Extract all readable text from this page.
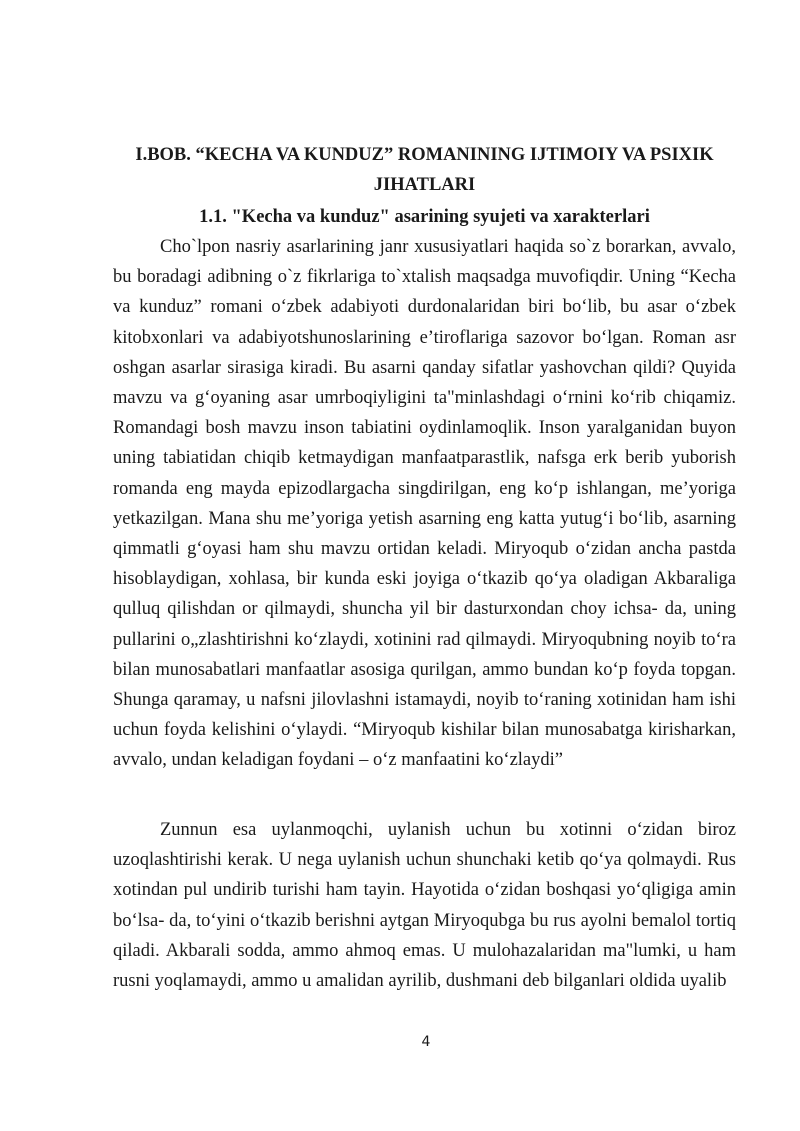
I.BOB. “KECHA VA KUNDUZ” ROMANINING IJTIMOIY VA PSIXIK JIHATLARI
1.1. "Kecha va kunduz" asarining syujeti va xarakterlari

Cho`lpon nasriy asarlarining janr xususiyatlari haqida so`z borarkan, avvalo, bu boradagi adibning o`z fikrlariga to`xtalish maqsadga muvofiqdir. Uning “Kecha va kunduz” romani o‘zbek adabiyoti durdonalaridan biri bo‘lib, bu asar o‘zbek kitobxonlari va adabiyotshunoslarining e’tiroflariga sazovor bo‘lgan. Roman asr oshgan asarlar sirasiga kiradi. Bu asarni qanday sifatlar yashovchan qildi? Quyida mavzu va g‘oyaning asar umrboqiyligini ta"minlashdagi o‘rnini ko‘rib chiqamiz. Romandagi bosh mavzu inson tabiatini oydinlamoqlik. Inson yaralganidan buyon uning tabiatidan chiqib ketmaydigan manfaatparastlik, nafsga erk berib yuborish romanda eng mayda epizodlargacha singdirilgan, eng ko‘p ishlangan, me’yoriga yetkazilgan. Mana shu me’yoriga yetish asarning eng katta yutug‘i bo‘lib, asarning qimmatli g‘oyasi ham shu mavzu ortidan keladi. Miryoqub o‘zidan ancha pastda hisoblaydigan, xohlasa, bir kunda eski joyiga o‘tkazib qo‘ya oladigan Akbaraliga qulluq qilishdan or qilmaydi, shuncha yil bir dasturxondan choy ichsa- da, uning pullarini o„zlashtirishni ko‘zlaydi, xotinini rad qilmaydi. Miryoqubning noyib to‘ra bilan munosabatlari manfaatlar asosiga qurilgan, ammo bundan ko‘p foyda topgan. Shunga qaramay, u nafsni jilovlashni istamaydi, noyib to‘raning xotinidan ham ishi uchun foyda kelishini o‘ylaydi. “Miryoqub kishilar bilan munosabatga kirisharkan, avvalo, undan keladigan foydani – o‘z manfaatini ko‘zlaydi”

Zunnun esa uylanmoqchi, uylanish uchun bu xotinni o‘zidan biroz uzoqlashtirishi kerak. U nega uylanish uchun shunchaki ketib qo‘ya qolmaydi. Rus xotindan pul undirib turishi ham tayin. Hayotida o‘zidan boshqasi yo‘qligiga amin bo‘lsa- da, to‘yini o‘tkazib berishni aytgan Miryoqubga bu rus ayolni bemalol tortiq qiladi. Akbarali sodda, ammo ahmoq emas. U mulohazalaridan ma"lumki, u ham rusni yoqlamaydi, ammo u amalidan ayrilib, dushmani deb bilganlari oldida uyalib

4
